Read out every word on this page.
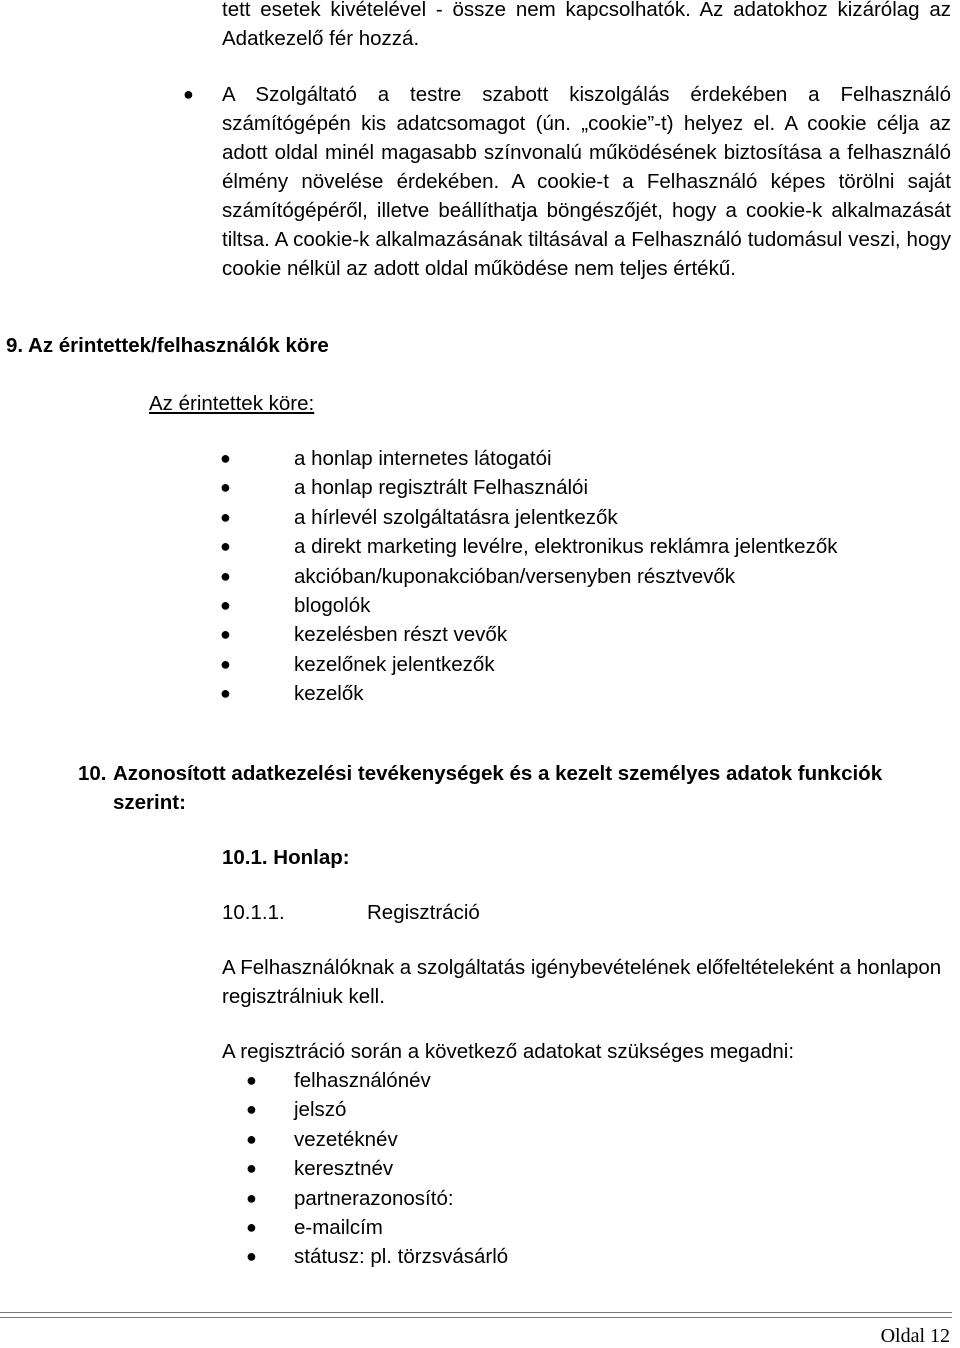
tett esetek kivételével - össze nem kapcsolhatók. Az adatokhoz kizárólag az Adatkezelő fér hozzá.
● A Szolgáltató a testre szabott kiszolgálás érdekében a Felhasználó számítógépén kis adatcsomagot (ún. „cookie”-t) helyez el. A cookie célja az adott oldal minél magasabb színvonalú működésének biztosítása a felhasználó élmény növelése érdekében. A cookie-t a Felhasználó képes törölni saját számítógépéről, illetve beállíthatja böngészőjét, hogy a cookie-k alkalmazását tiltsa. A cookie-k alkalmazásának tiltásával a Felhasználó tudomásul veszi, hogy cookie nélkül az adott oldal működése nem teljes értékű.
9. Az érintettek/felhasználók köre
Az érintettek köre:
●	a honlap internetes látogatói
●	a honlap regisztrált Felhasználói
●	a hírlevél szolgáltatásra jelentkezők
●	a direkt marketing levélre, elektronikus reklámra jelentkezők
●	akcióban/kuponakcióban/versenyben résztvevők
●	blogolók
●	kezelésben részt vevők
●	kezelőnek jelentkezők
●	kezelők
10. Azonosított adatkezelési tevékenységek és a kezelt személyes adatok funkciók szerint:
10.1. Honlap:
10.1.1.	Regisztráció
A Felhasználóknak a szolgáltatás igénybevételének előfeltételeként a honlapon regisztrálniuk kell.
A regisztráció során a következő adatokat szükséges megadni:
● felhasználónév
● jelszó
● vezetéknév
● keresztnév
● partnerazonosító:
● e-mailcím
● státusz: pl. törzsvásárló
Oldal 12
